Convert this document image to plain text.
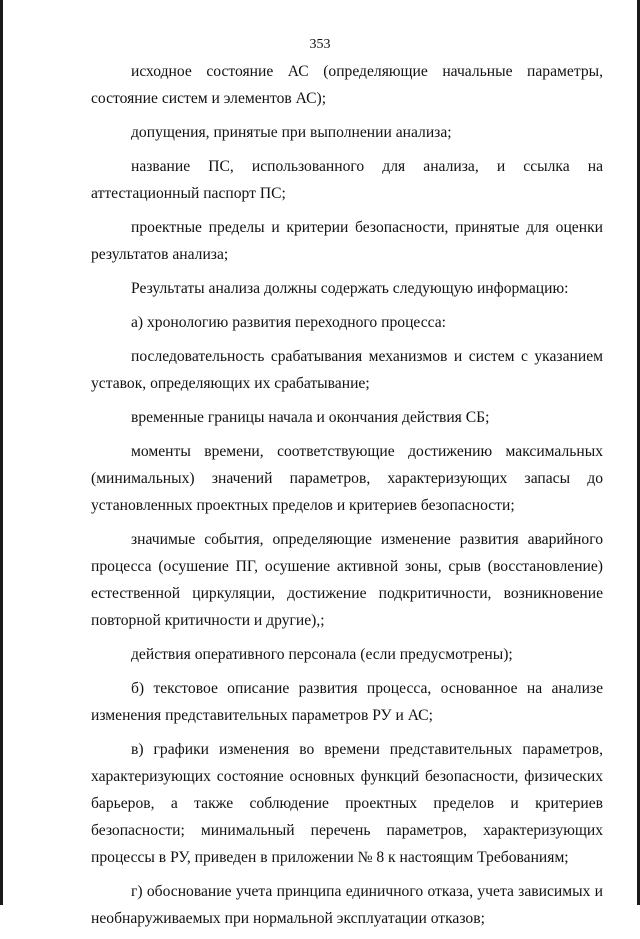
353

исходное состояние АС (определяющие начальные параметры, состояние систем и элементов АС);

допущения, принятые при выполнении анализа;

название ПС, использованного для анализа, и ссылка на аттестационный паспорт ПС;

проектные пределы и критерии безопасности, принятые для оценки результатов анализа;

Результаты анализа должны содержать следующую информацию:

а) хронологию развития переходного процесса:

последовательность срабатывания механизмов и систем с указанием уставок, определяющих их срабатывание;

временные границы начала и окончания действия СБ;

моменты времени, соответствующие достижению максимальных (минимальных) значений параметров, характеризующих запасы до установленных проектных пределов и критериев безопасности;

значимые события, определяющие изменение развития аварийного процесса (осушение ПГ, осушение активной зоны, срыв (восстановление) естественной циркуляции, достижение подкритичности, возникновение повторной критичности и другие),;

действия оперативного персонала (если предусмотрены);

б) текстовое описание развития процесса, основанное на анализе изменения представительных параметров РУ и АС;

в) графики изменения во времени представительных параметров, характеризующих состояние основных функций безопасности, физических барьеров, а также соблюдение проектных пределов и критериев безопасности; минимальный перечень параметров, характеризующих процессы в РУ, приведен в приложении № 8 к настоящим Требованиям;

г) обоснование учета принципа единичного отказа, учета зависимых и необнаруживаемых при нормальной эксплуатации отказов;
